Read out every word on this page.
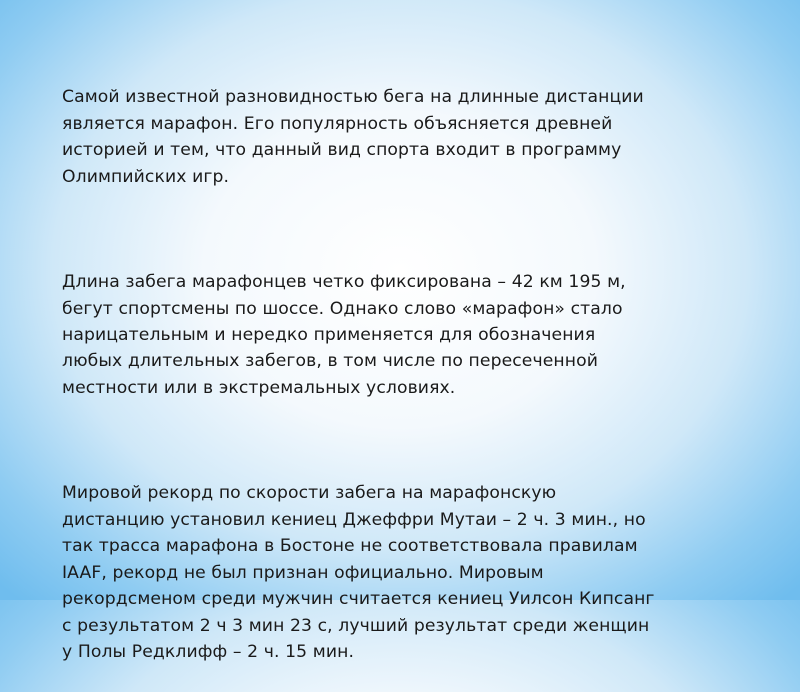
Самой известной разновидностью бега на длинные дистанции
является марафон. Его популярность объясняется древней
историей и тем, что данный вид спорта входит в программу
Олимпийских игр.

Длина забега марафонцев четко фиксирована – 42 км 195 м,
бегут спортсмены по шоссе. Однако слово «марафон» стало
нарицательным и нередко применяется для обозначения
любых длительных забегов, в том числе по пересеченной
местности или в экстремальных условиях.

Мировой рекорд по скорости забега на марафонскую
дистанцию установил кениец Джеффри Мутаи – 2 ч. 3 мин., но
так трасса марафона в Бостоне не соответствовала правилам
IAAF, рекорд не был признан официально. Мировым
рекордсменом среди мужчин считается кениец Уилсон Кипсанг
с результатом 2 ч 3 мин 23 с, лучший результат среди женщин
у Полы Редклифф – 2 ч. 15 мин.
